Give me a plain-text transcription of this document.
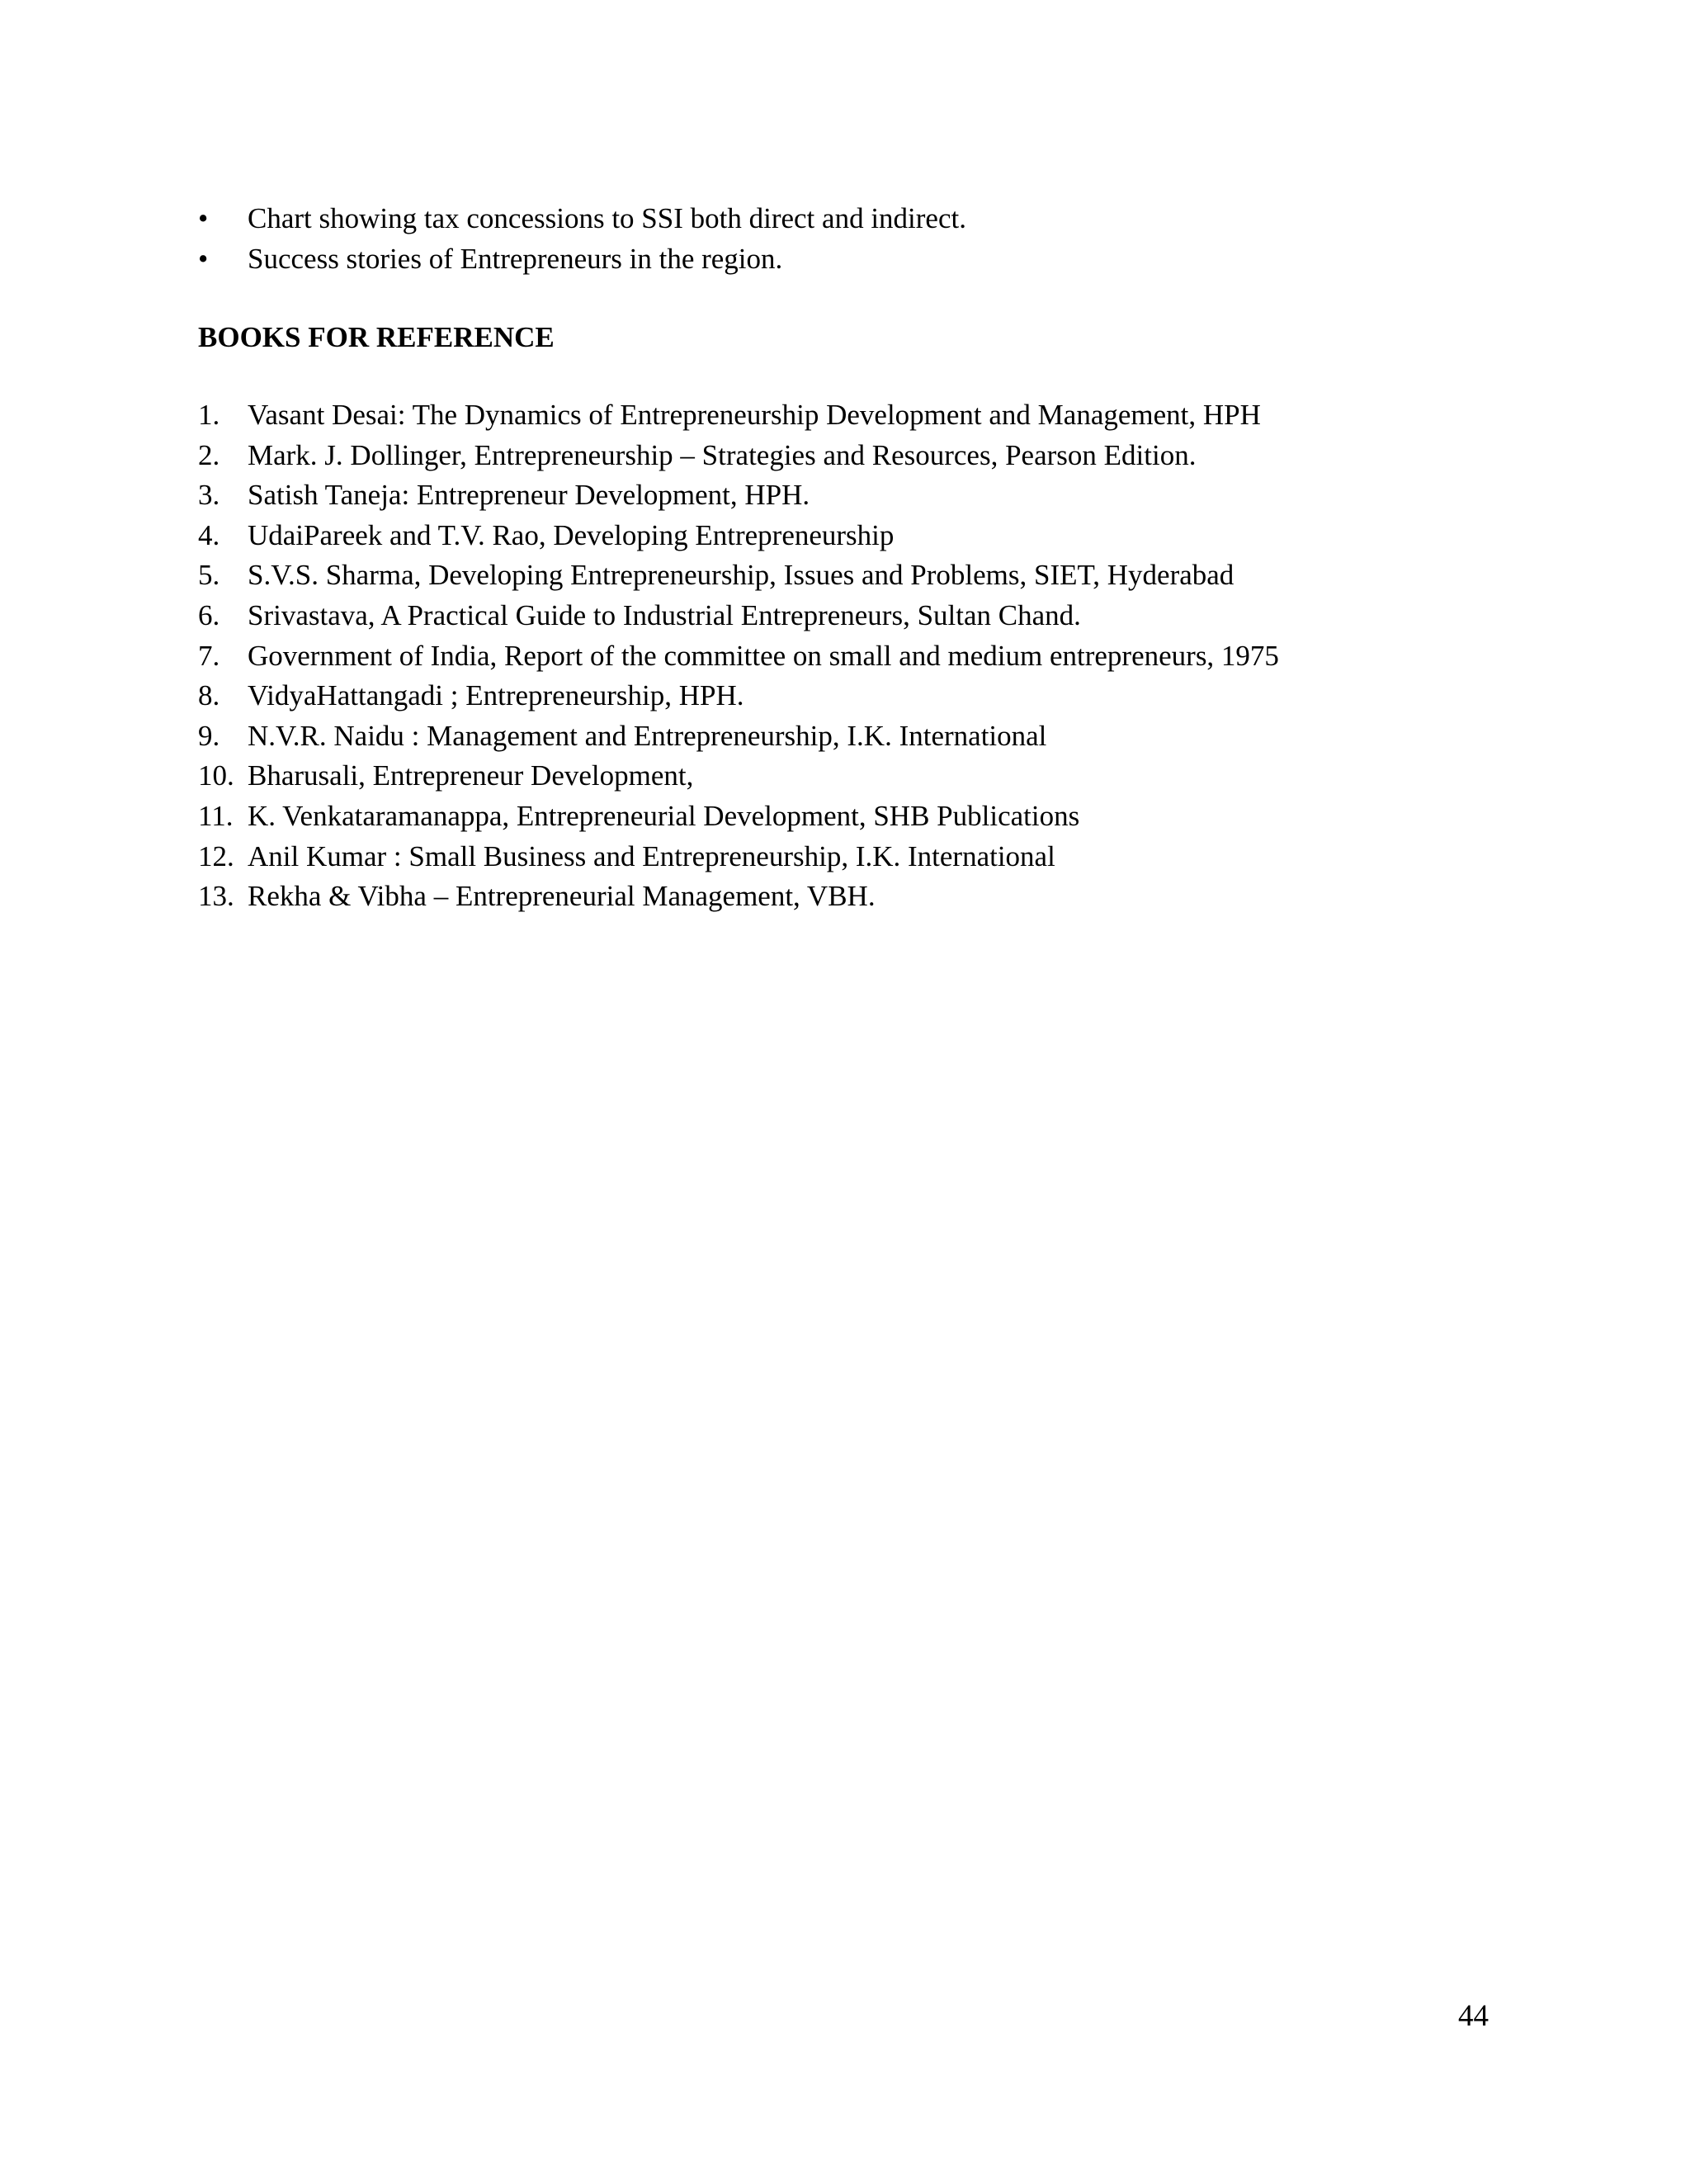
•	Chart showing tax concessions to SSI both direct and indirect.
•	Success stories of Entrepreneurs in the region.
BOOKS FOR REFERENCE
1. Vasant Desai: The Dynamics of Entrepreneurship Development and Management, HPH
2. Mark. J. Dollinger, Entrepreneurship – Strategies and Resources, Pearson Edition.
3. Satish Taneja: Entrepreneur Development, HPH.
4. UdaiPareek and T.V. Rao, Developing Entrepreneurship
5. S.V.S. Sharma, Developing Entrepreneurship, Issues and Problems, SIET, Hyderabad
6. Srivastava, A Practical Guide to Industrial Entrepreneurs, Sultan Chand.
7. Government of India, Report of the committee on small and medium entrepreneurs, 1975
8. VidyaHattangadi ; Entrepreneurship, HPH.
9. N.V.R. Naidu : Management and Entrepreneurship, I.K. International
10. Bharusali, Entrepreneur Development,
11. K. Venkataramanappa, Entrepreneurial Development, SHB Publications
12. Anil Kumar : Small Business and Entrepreneurship, I.K. International
13. Rekha & Vibha – Entrepreneurial Management, VBH.
44
